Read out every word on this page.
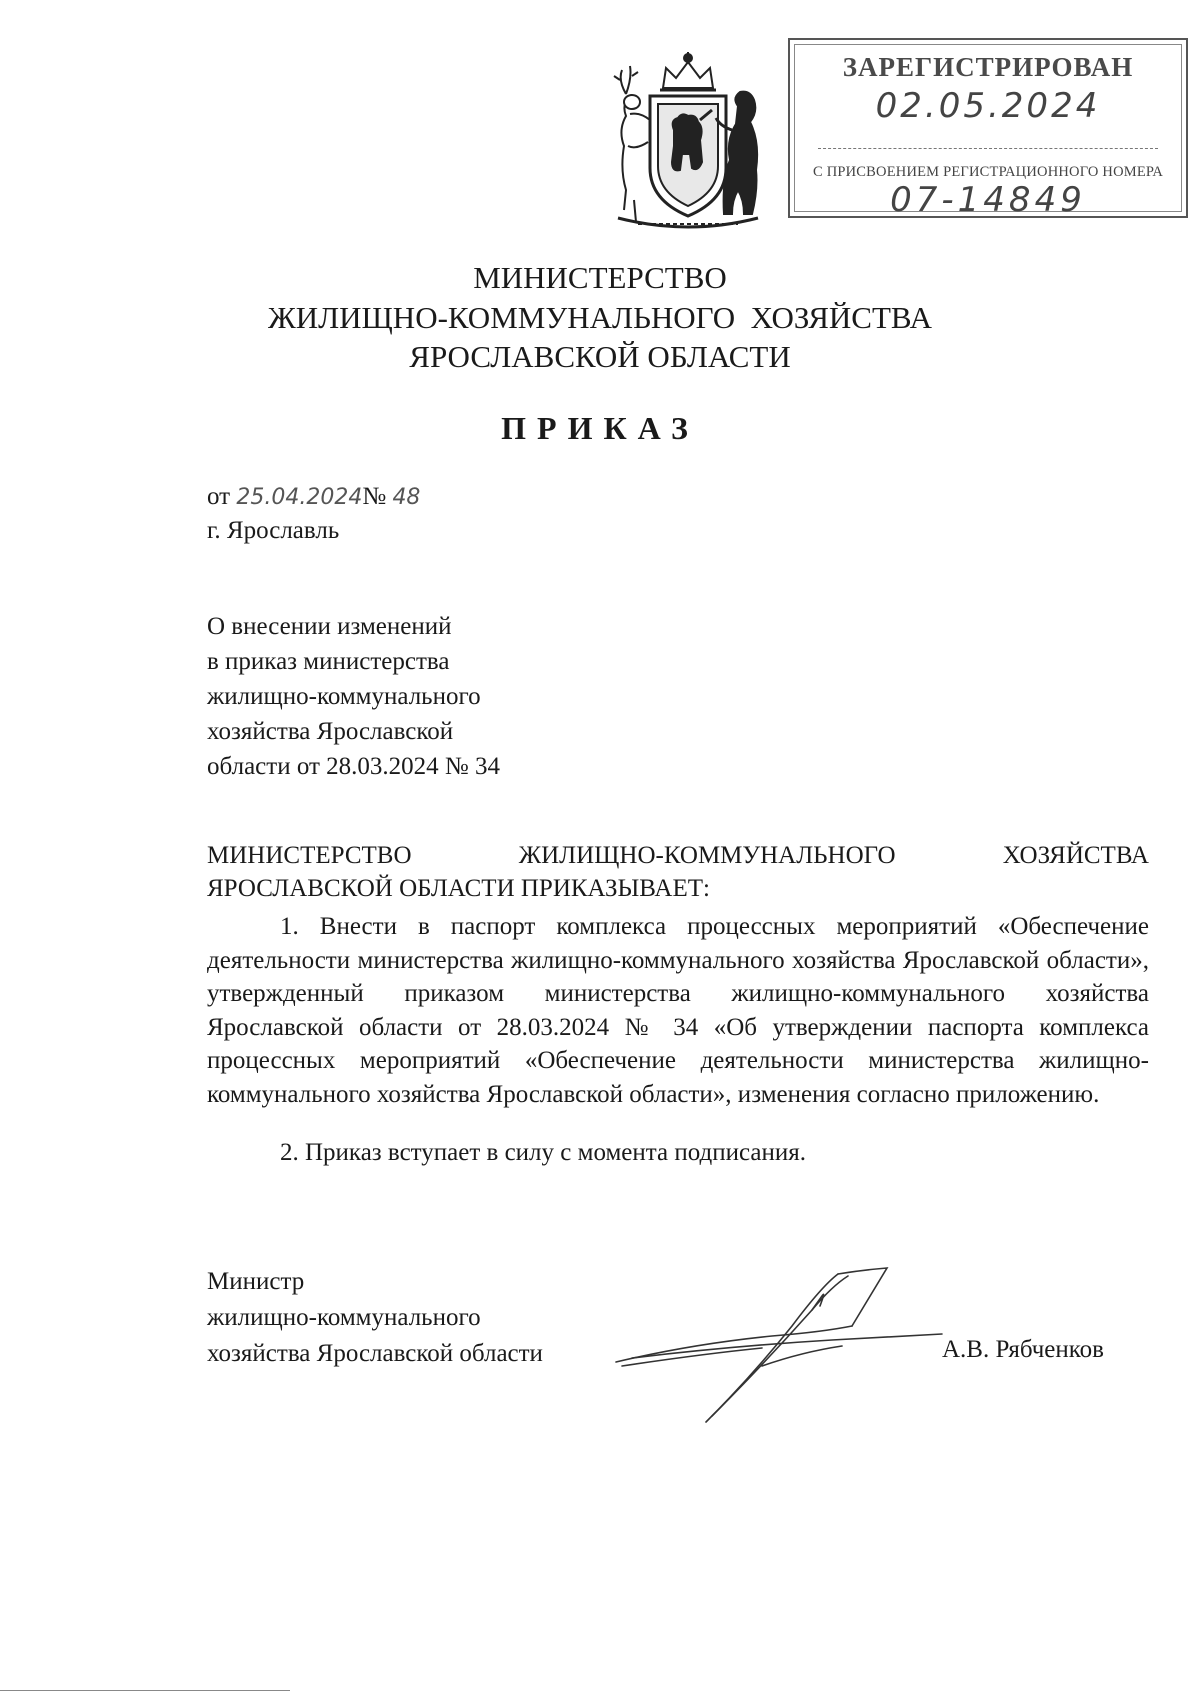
ЗАРЕГИСТРИРОВАН
02.05.2024
С ПРИСВОЕНИЕМ РЕГИСТРАЦИОННОГО НОМЕРА
07-14849
МИНИСТЕРСТВО
ЖИЛИЩНО-КОММУНАЛЬНОГО  ХОЗЯЙСТВА
ЯРОСЛАВСКОЙ ОБЛАСТИ
ПРИКАЗ
от 25.04.2024№ 48
г. Ярославль
О внесении изменений
в приказ министерства
жилищно-коммунального
хозяйства Ярославской
области от 28.03.2024 № 34
МИНИСТЕРСТВО	ЖИЛИЩНО-КОММУНАЛЬНОГО	ХОЗЯЙСТВА
ЯРОСЛАВСКОЙ ОБЛАСТИ ПРИКАЗЫВАЕТ:
1. Внести в паспорт комплекса процессных мероприятий «Обеспечение деятельности министерства жилищно-коммунального хозяйства Ярославской области», утвержденный приказом министерства жилищно-коммунального хозяйства Ярославской области от 28.03.2024 № 34 «Об утверждении паспорта комплекса процессных мероприятий «Обеспечение деятельности министерства жилищно-коммунального хозяйства Ярославской области», изменения согласно приложению.
2. Приказ вступает в силу с момента подписания.
Министр
жилищно-коммунального
хозяйства Ярославской области	А.В. Рябченков
